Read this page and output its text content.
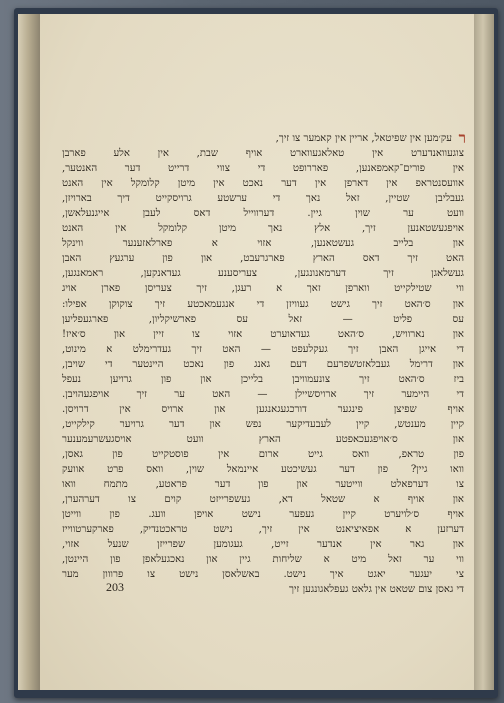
ר
עק׳מען אין שפיטאל, אריין אין קאמער צו זיך,
צוגעוואנדערט אין טאלאגעווארט אויף שבת, אין אלע פארבן
אין פורים־קאמפאנען, פאררופט די צווי דרייט דער האנטער,
אוועסנטראפ אין דארפן אין דער נאכט אין מיטן קלומקל אין האנט
געבליבן שטיין, זאל נאך די ערשטע גרויסקייט דיך בארויזן,
וועט ער שוין גיין. דערווייל דאס לעבן אייגנעלאשן,
אויפגעשטאנען זיך, אלץ נאך מיטן קלומקל אין האנט
און בלייב געשטאנען, אזוי א פארלאזענער ווינקל
האט זיך דאס הארץ פארגרעבט, און פון ערגעץ האבן
געשלאגן זיך דערמאנונגען, צעריסענע געדאנקען, ראמאנגען,
ווי שטילקייט ווארפן זאך א רעגן, זיך צעריסן פארן אויג
און ס׳האט זיך גישט געוויזן די אנגעמאכטע זיך צוקוקן אפילו:
עס פליט — זאל עס פארשיקליון, פארגעפליען
און נארוויש, ס׳האט געדאוערט אזוי צו זיין און ס׳איז!
די אייגן האבן זיך געקלעפט — האט זיך געדרימלט א מינוט,
און דרימל געבלאזטשפרעם דעם גאנג פון נאכט היינטער די שויבן,
ביז ס׳האט זיך צונעמוויבן בלייכן און פון גרויען נעפל
די היימער זיך ארויסשיילן — האט ער זיך אויפגעהויבן.
אויף שפיצן פינגער דורכגעגאנגען און ארויס אין דרויסן.
קיין מענטש, קיין לעבעדיקער נפש און דער גרויער קילקייט,
און ס׳אויפגעכאפטע הארץ וועט אויסגעשרעמענער
פון טראפ, וואס גייט ארום אין פוסטקייט פון גאסן,
וואו גיין? פון דער געשיכטע איינמאל שוין, וואס פרט אוועק
צו דערפאלט ווייטער און פון דער פראטע, מתמח וואו
און אויף א שטאל דא, געשפרייזט קוים צו דערהערן,
אויף ס׳לויערט קיין געפער נישט אויפן וועג. פון ווייטן
דערזען א אפאיציאנט אין זיך, נישט טראכטנדיק, פארקערטווייז
און גאר אין אנדער זייט, געגומען שפרייזן שנעל אזוי,
ווי ער זאל מיט א שליחות גיין און נאכגעלאפן פון היינטן,
צי יעגער יאגט איך נישט. באשלאסן נישט צו פרווון מער
די גאסן צום שטאט אין גלאט געפלאגונגען זיך
203
